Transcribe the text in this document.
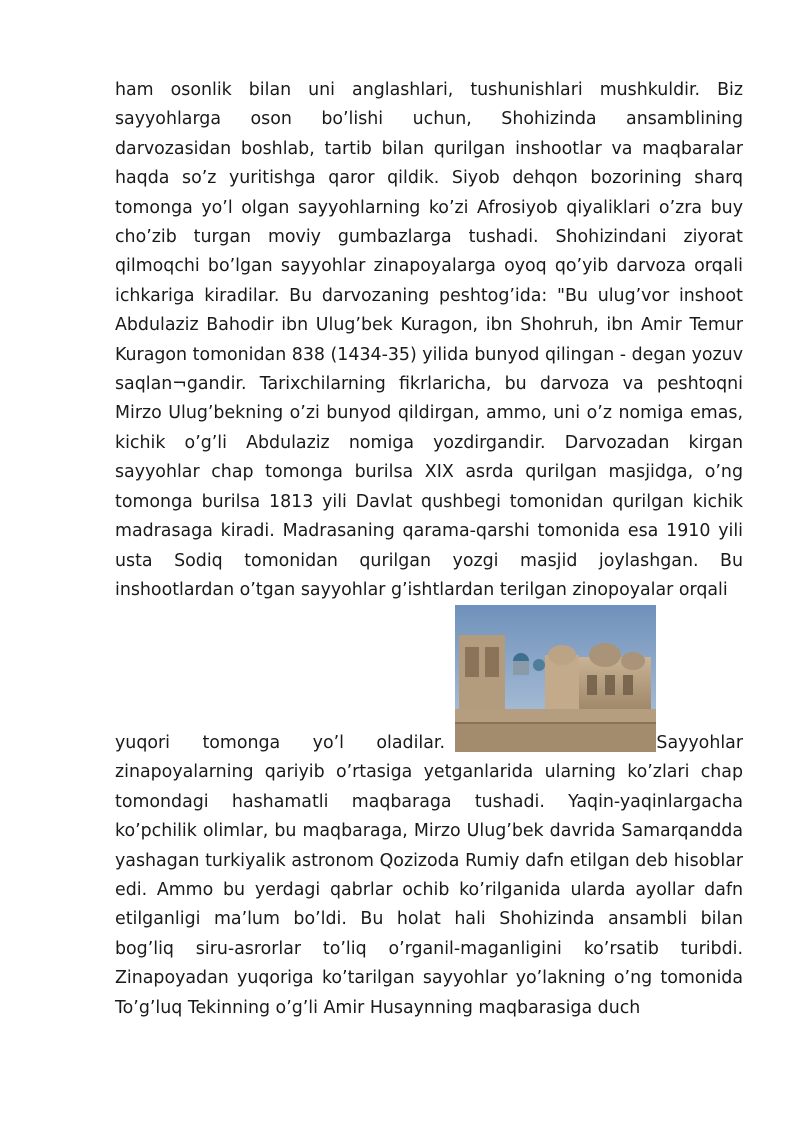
ham osonlik bilan uni anglashlari, tushunishlari mushkuldir. Biz sayyohlarga oson bo’lishi uchun, Shohizinda ansamblining darvozasidan boshlab, tartib bilan qurilgan inshootlar va maqbaralar haqda so’z yuritishga qaror qildik. Siyob dehqon bozorining sharq tomonga yo’l olgan sayyohlarning ko’zi Afrosiyob qiyaliklari o’zra buy cho’zib turgan moviy gumbazlarga tushadi. Shohizindani ziyorat qilmoqchi bo’lgan sayyohlar zinapoyalarga oyoq qo’yib darvoza orqali ichkariga kiradilar. Bu darvozaning peshtog’ida: "Bu ulug’vor inshoot Abdulaziz Bahodir ibn Ulug’bek Kuragon, ibn Shohruh, ibn Amir Temur Kuragon tomonidan 838 (1434-35) yilida bunyod qilingan - degan yozuv saqlan¬gandir. Tarixchilarning fikrlaricha, bu darvoza va peshtoqni Mirzo Ulug’bekning o’zi bunyod qildirgan, ammo, uni o’z nomiga emas, kichik o’g’li Abdulaziz nomiga yozdirgandir. Darvozadan kirgan sayyohlar chap tomonga burilsa XIX asrda qurilgan masjidga, o’ng tomonga burilsa 1813 yili Davlat qushbegi tomonidan qurilgan kichik madrasaga kiradi. Madrasaning qarama-qarshi tomonida esa 1910 yili usta Sodiq tomonidan qurilgan yozgi masjid joylashgan. Bu inshootlardan o’tgan sayyohlar g’ishtlardan terilgan zinopoyalar orqali

yuqori tomonga yo’l oladilar.	Sayyohlar

zinapoyalarning qariyib o’rtasiga yetganlarida ularning ko’zlari chap tomondagi hashamatli maqbaraga tushadi. Yaqin-yaqinlargacha ko’pchilik olimlar, bu maqbaraga, Mirzo Ulug’bek davrida Samarqandda yashagan turkiyalik astronom Qozizoda Rumiy dafn etilgan deb hisoblar edi. Ammo bu yerdagi qabrlar ochib ko’rilganida ularda ayollar dafn etilganligi ma’lum bo’ldi. Bu holat hali Shohizinda ansambli bilan bog’liq siru-asrorlar to’liq o’rganil-maganligini ko’rsatib turibdi. Zinapoyadan yuqoriga ko’tarilgan sayyohlar yo’lakning o’ng tomonida To’g’luq Tekinning o’g’li Amir Husaynning maqbarasiga duch
